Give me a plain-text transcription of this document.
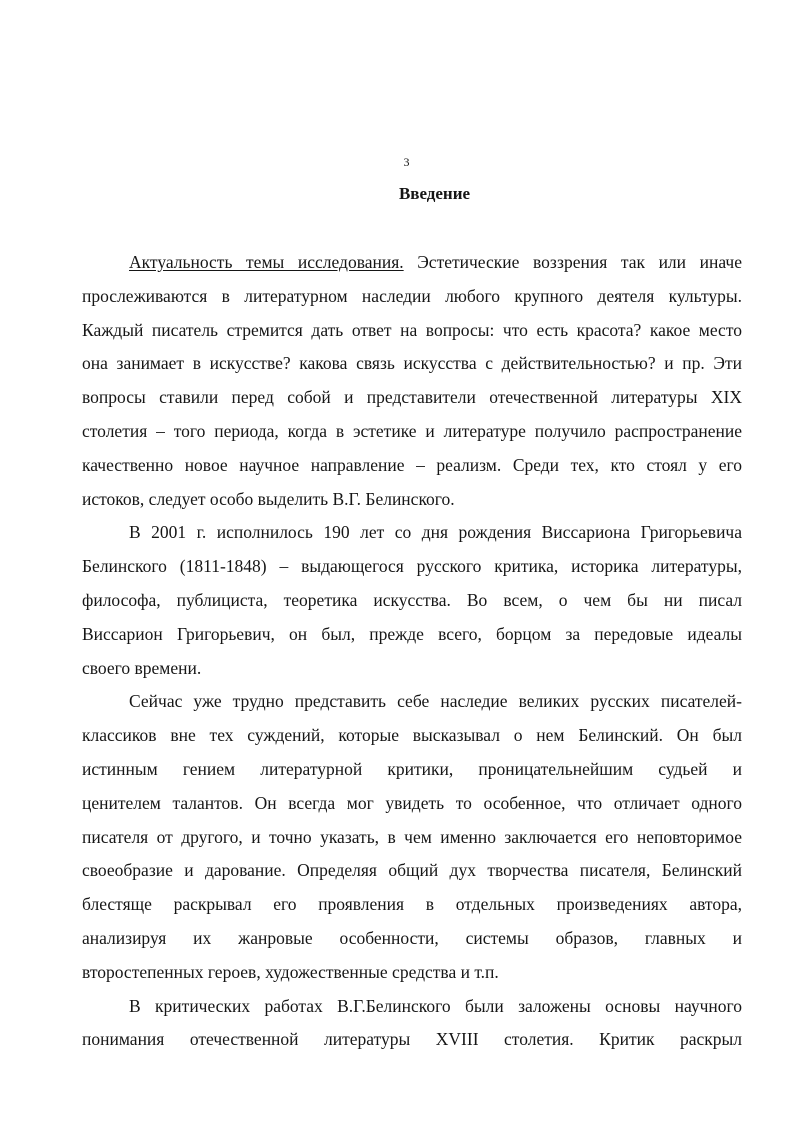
3
Введение
Актуальность темы исследования. Эстетические воззрения так или иначе
прослеживаются в литературном наследии любого крупного деятеля культуры.
Каждый писатель стремится дать ответ на вопросы: что есть красота? какое место
она занимает в искусстве? какова связь искусства с действительностью? и пр. Эти
вопросы ставили перед собой и представители отечественной литературы XIX
столетия – того периода, когда в эстетике и литературе получило распространение
качественно новое научное направление – реализм. Среди тех, кто стоял у его
истоков, следует особо выделить В.Г. Белинского.
В 2001 г. исполнилось 190 лет со дня рождения Виссариона Григорьевича
Белинского (1811-1848) – выдающегося русского критика, историка литературы,
философа, публициста, теоретика искусства. Во всем, о чем бы ни писал
Виссарион Григорьевич, он был, прежде всего, борцом за передовые идеалы
своего времени.
Сейчас уже трудно представить себе наследие великих русских писателей-
классиков вне тех суждений, которые высказывал о нем Белинский. Он был
истинным гением литературной критики, проницательнейшим судьей и
ценителем талантов. Он всегда мог увидеть то особенное, что отличает одного
писателя от другого, и точно указать, в чем именно заключается его неповторимое
своеобразие и дарование. Определяя общий дух творчества писателя, Белинский
блестяще раскрывал его проявления в отдельных произведениях автора,
анализируя их жанровые особенности, системы образов, главных и
второстепенных героев, художественные средства и т.п.
В критических работах В.Г.Белинского были заложены основы научного
понимания отечественной литературы XVIII столетия. Критик раскрыл
